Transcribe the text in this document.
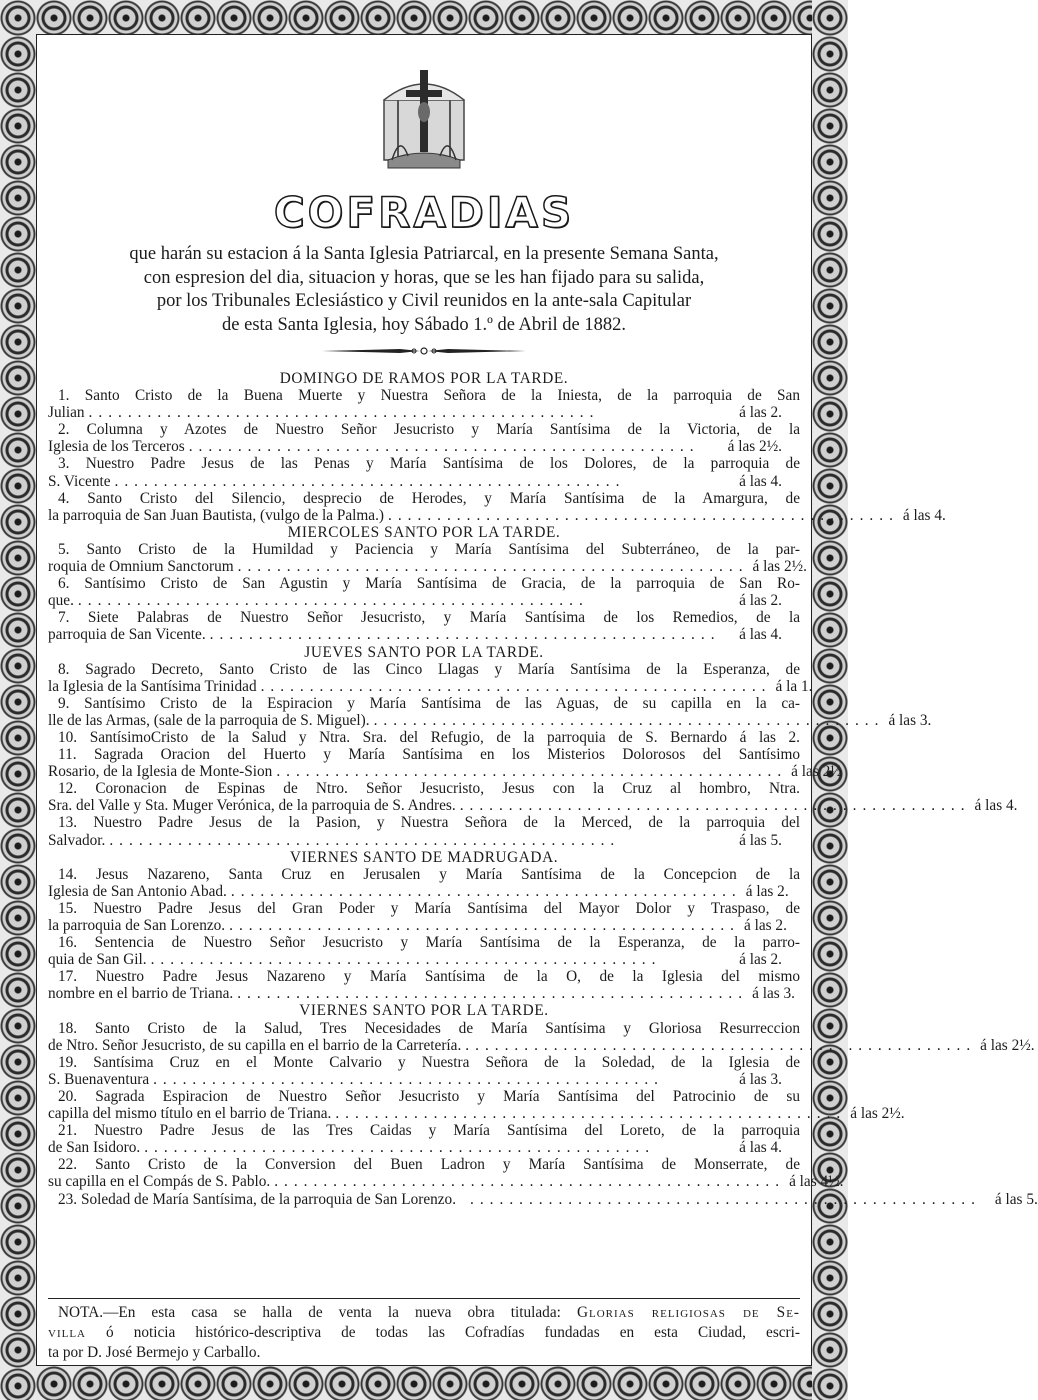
COFRADIAS
que harán su estacion á la Santa Iglesia Patriarcal, en la presente Semana Santa,
con espresion del dia, situacion y horas, que se les han fijado para su salida,
por los Tribunales Eclesiástico y Civil reunidos en la ante-sala Capitular
de esta Santa Iglesia, hoy Sábado 1.º de Abril de 1882.
DOMINGO DE RAMOS POR LA TARDE.
1. Santo Cristo de la Buena Muerte y Nuestra Señora de la Iniesta, de la parroquia de San
Julian ....................................................	á las 2.
2. Columna y Azotes de Nuestro Señor Jesucristo y María Santísima de la Victoria, de la
Iglesia de los Terceros ....................................................	á las 2½.
3. Nuestro Padre Jesus de las Penas y María Santísima de los Dolores, de la parroquia de
S. Vicente ....................................................	á las 4.
4. Santo Cristo del Silencio, desprecio de Herodes, y María Santísima de la Amargura, de
la parroquia de San Juan Bautista, (vulgo de la Palma.) .................................................... á las 4.
MIERCOLES SANTO POR LA TARDE.
5. Santo Cristo de la Humildad y Paciencia y María Santísima del Subterráneo, de la par-
roquia de Omnium Sanctorum .................................................... á las 2½.
6. Santísimo Cristo de San Agustin y María Santísima de Gracia, de la parroquia de San Ro-
que. ....................................................	á las 2.
7. Siete Palabras de Nuestro Señor Jesucristo, y María Santísima de los Remedios, de la
parroquia de San Vicente. ....................................................	á las 4.
JUEVES SANTO POR LA TARDE.
8. Sagrado Decreto, Santo Cristo de las Cinco Llagas y María Santísima de la Esperanza, de
la Iglesia de la Santísima Trinidad .................................................... á la 1.
9. Santísimo Cristo de la Espiracion y María Santísima de las Aguas, de su capilla en la ca-
lle de las Armas, (sale de la parroquia de S. Miguel). .................................................... á las 3.
10. SantísimoCristo de la Salud y Ntra. Sra. del Refugio, de la parroquia de S. Bernardo á las 2.
11. Sagrada Oracion del Huerto y María Santísima en los Misterios Dolorosos del Santísimo
Rosario, de la Iglesia de Monte-Sion .................................................... á las 2½
12. Coronacion de Espinas de Ntro. Señor Jesucristo, Jesus con la Cruz al hombro, Ntra.
Sra. del Valle y Sta. Muger Verónica, de la parroquia de S. Andres. .................................................... á las 4.
13. Nuestro Padre Jesus de la Pasion, y Nuestra Señora de la Merced, de la parroquia del
Salvador. ....................................................	á las 5.
VIERNES SANTO DE MADRUGADA.
14. Jesus Nazareno, Santa Cruz en Jerusalen y María Santísima de la Concepcion de la
Iglesia de San Antonio Abad. .................................................... á las 2.
15. Nuestro Padre Jesus del Gran Poder y María Santísima del Mayor Dolor y Traspaso, de
la parroquia de San Lorenzo. .................................................... á las 2.
16. Sentencia de Nuestro Señor Jesucristo y María Santísima de la Esperanza, de la parro-
quia de San Gil. ....................................................	á las 2.
17. Nuestro Padre Jesus Nazareno y María Santísima de la O, de la Iglesia del mismo
nombre en el barrio de Triana. .................................................... á las 3.
VIERNES SANTO POR LA TARDE.
18. Santo Cristo de la Salud, Tres Necesidades de María Santísima y Gloriosa Resurreccion
de Ntro. Señor Jesucristo, de su capilla en el barrio de la Carretería. .................................................... á las 2½.
19. Santísima Cruz en el Monte Calvario y Nuestra Señora de la Soledad, de la Iglesia de
S. Buenaventura ....................................................	á las 3.
20. Sagrada Espiracion de Nuestro Señor Jesucristo y María Santísima del Patrocinio de su
capilla del mismo título en el barrio de Triana. .................................................... á las 2½.
21. Nuestro Padre Jesus de las Tres Caidas y María Santísima del Loreto, de la parroquia
de San Isidoro. ....................................................	á las 4.
22. Santo Cristo de la Conversion del Buen Ladron y María Santísima de Monserrate, de
su capilla en el Compás de S. Pablo. .................................................... á las 4½.
23. Soledad de María Santísima, de la parroquia de San Lorenzo. .................................................... á las 5.
NOTA.—En esta casa se halla de venta la nueva obra titulada: Glorias religiosas de Se-
villa ó noticia histórico-descriptiva de todas las Cofradías fundadas en esta Ciudad, escri-
ta por D. José Bermejo y Carballo.
